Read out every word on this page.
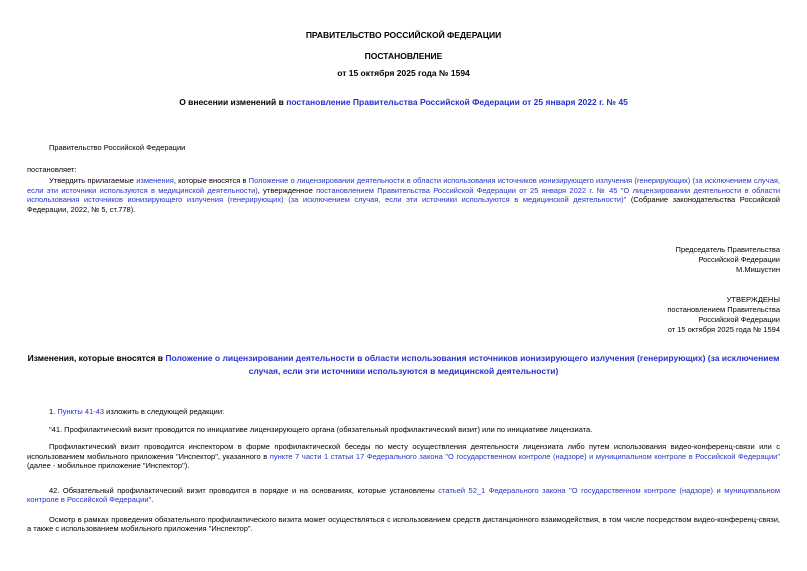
ПРАВИТЕЛЬСТВО РОССИЙСКОЙ ФЕДЕРАЦИИ
ПОСТАНОВЛЕНИЕ
от 15 октября 2025 года № 1594
О внесении изменений в постановление Правительства Российской Федерации от 25 января 2022 г. № 45
Правительство Российской Федерации
постановляет:

Утвердить прилагаемые изменения, которые вносятся в Положение о лицензировании деятельности в области использования источников ионизирующего излучения (генерирующих) (за исключением случая, если эти источники используются в медицинской деятельности), утвержденное постановлением Правительства Российской Федерации от 25 января 2022 г. № 45 "О лицензировании деятельности в области использования источников ионизирующего излучения (генерирующих) (за исключением случая, если эти источники используются в медицинской деятельности)" (Собрание законодательства Российской Федерации, 2022, № 5, ст.778).

Председатель Правительства
Российской Федерации
М.Мишустин
УТВЕРЖДЕНЫ
постановлением Правительства
Российской Федерации
от 15 октября 2025 года № 1594
Изменения, которые вносятся в Положение о лицензировании деятельности в области использования источников ионизирующего излучения (генерирующих) (за исключением случая, если эти источники используются в медицинской деятельности)

1. Пункты 41-43 изложить в следующей редакции:

"41. Профилактический визит проводится по инициативе лицензирующего органа (обязательный профилактический визит) или по инициативе лицензиата.

Профилактический визит проводится инспектором в форме профилактической беседы по месту осуществления деятельности лицензиата либо путем использования видео-конференц-связи или с использованием мобильного приложения "Инспектор", указанного в пункте 7 части 1 статьи 17 Федерального закона "О государственном контроле (надзоре) и муниципальном контроле в Российской Федерации" (далее - мобильное приложение "Инспектор").

42. Обязательный профилактический визит проводится в порядке и на основаниях, которые установлены статьей 52_1 Федерального закона "О государственном контроле (надзоре) и муниципальном контроле в Российской Федерации".

Осмотр в рамках проведения обязательного профилактического визита может осуществляться с использованием средств дистанционного взаимодействия, в том числе посредством видео-конференц-связи, а также с использованием мобильного приложения "Инспектор".
